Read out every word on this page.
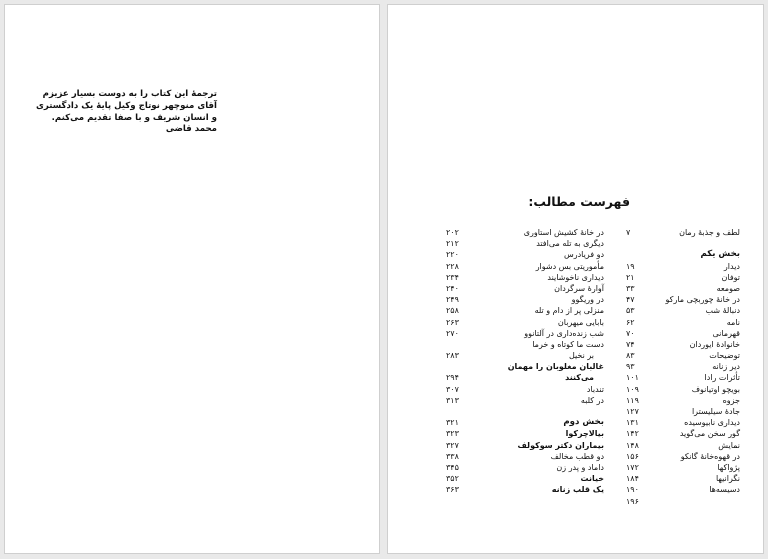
ترجمهٔ این کتاب را به دوست بسیار عزیزم
آقای منوچهر نوتاج وکیل پایهٔ یک دادگستری
و انسان شریف و با صفا تقدیم می‌کنم.
محمد قاضی
فهرست مطالب:
لطف و جذبهٔ رمان
۷
بخش یکم
دیدار
۱۹
توفان
۲۱
صومعه
۳۳
در خانهٔ چوربچی مارکو
۴۷
دنبالهٔ شب
۵۳
نامه
۶۲
قهرمانی
۷۰
خانوادهٔ ایوردان
۷۴
توضیحات
۸۳
دیر زنانه
۹۳
تأثرات رادا
۱۰۱
بویچو اوتیانوف
۱۰۹
جزوه
۱۱۹
جادهٔ سیلیسترا
۱۲۷
دیداری نابیوسیده
۱۳۱
گور سخن می‌گوید
۱۴۲
نمایش
۱۴۸
در قهوه‌خانهٔ گانکو
۱۵۶
پژواکها
۱۷۲
نگرانیها
۱۸۴
دسیسه‌ها
۱۹۰
۱۹۶
در خانهٔ کشیش استاوری
۲۰۲
دیگری به تله می‌افتد
۲۱۲
دو فریادرس
۲۲۰
مأموریتی بس دشوار
۲۲۸
دیداری ناخوشایند
۲۳۴
آوارهٔ سرگردان
۲۴۰
در وریگوو
۲۴۹
منزلی پر از دام و تله
۲۵۸
بابایی میهربان
۲۶۳
شب زنده‌داری در آلتانوو
۲۷۰
دست ما کوتاه و خرما
بر نخیل
۲۸۳
غالبان مغلوبان را مهمان
می‌کنند
۲۹۴
تندباد
۳۰۷
در کلبه
۳۱۳
بخش دوم
۳۲۱
بیالاچرکوا
۳۲۳
بیماران دکتر سوکولف
۳۲۷
دو قطب مخالف
۳۳۸
داماد و پدر زن
۳۴۵
خیانت
۳۵۲
یک قلب زنانه
۳۶۳
